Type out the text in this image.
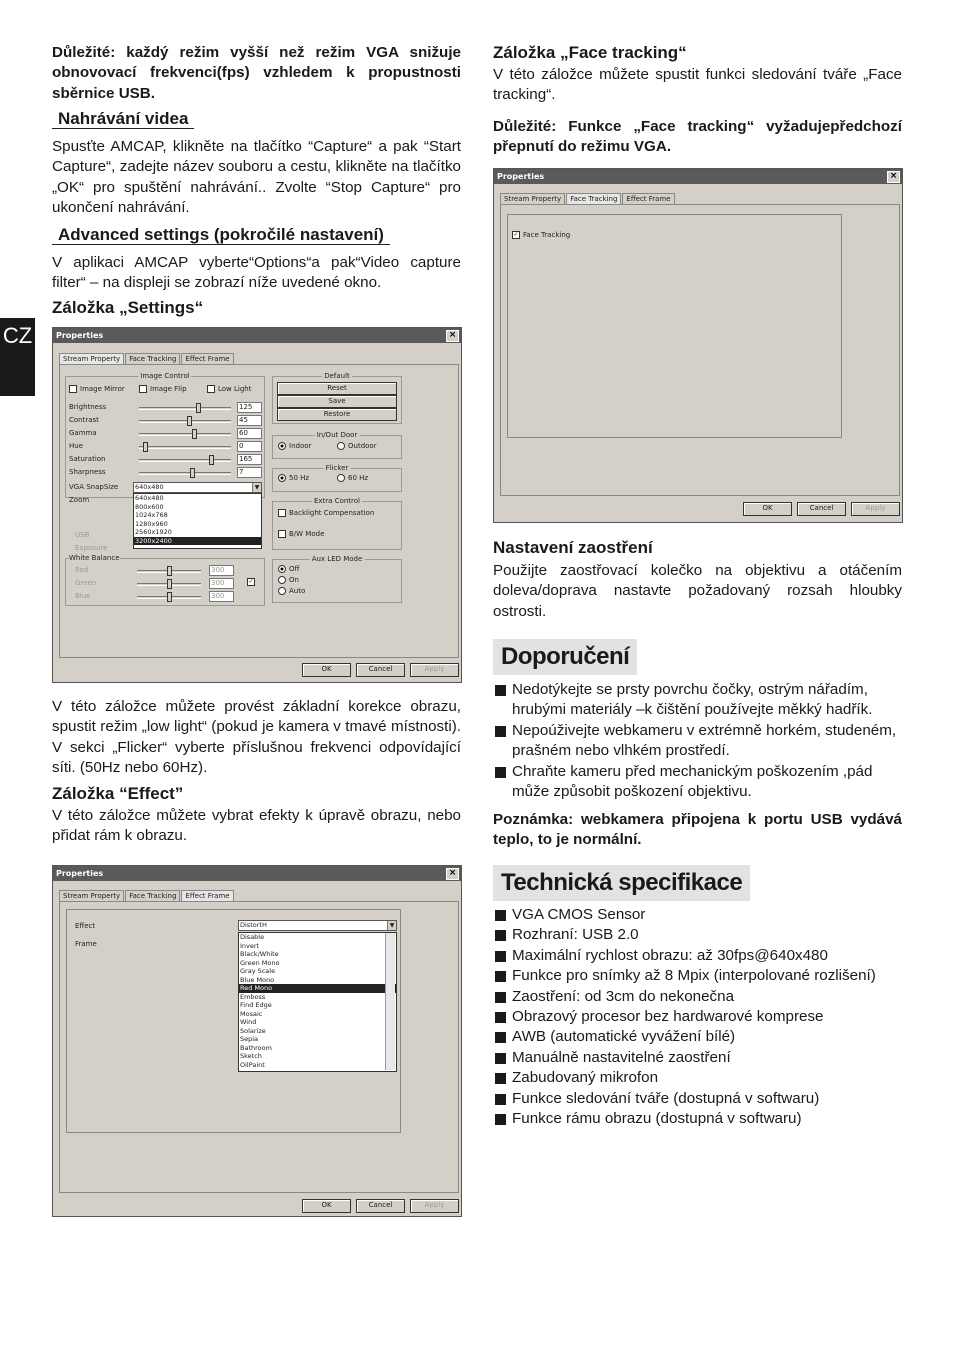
CZ

Důležité: každý režim vyšší než režim VGA snižuje obnovovací frekvenci(fps) vzhledem k propustnosti sběrnice USB.

Nahrávání videa

Spusťte AMCAP, klikněte na tlačítko “Capture“ a pak “Start Capture“, zadejte název souboru a cestu, klikněte na tlačítko „OK“ pro spuštění nahrávání.. Zvolte “Stop Capture“ pro ukončení nahrávání.

Advanced settings (pokročilé nastavení)

V aplikaci AMCAP vyberte“Options“a pak“Video capture filter“ – na displeji se zobrazí níže uvedené okno.

Záložka „Settings“
Properties	×
Stream Property Face Tracking Effect Frame
Image Control
Image Mirror	Image Flip	Low Light
Brightness	125
Contrast	45
Gamma	60
Hue	0
Saturation	165
Sharpness	7
VGA SnapSize	640x480	▼
Zoom	640x480
800x600
1024x768
1280x960
2560x1920
3200x2400
USB
Exposure
White Balance
Red	300
Green	300
Blue	300
✓
Default
Reset
Save
Restore
In/Out Door
Indoor	Outdoor
Flicker
50 Hz	60 Hz
Extra Control
Backlight Compensation
B/W Mode
Aux LED Mode
Off
On
Auto
OK	Cancel	Apply

V této záložce můžete provést základní korekce obrazu, spustit režim „low light“ (pokud je kamera v tmavé místnosti). V sekci „Flicker“ vyberte příslušnou frekvenci odpovídající síti. (50Hz nebo 60Hz).

Záložka “Effect”

V této záložce můžete vybrat efekty k úpravě obrazu, nebo přidat rám k obrazu.

Properties	×
Stream Property Face Tracking Effect Frame
Effect
Frame
DistortH	▼
Disable
Invert
Black/White
Green Mono
Gray Scale
Blue Mono
Red Mono
Emboss
Find Edge
Mosaic
Wind
Solarize
Sepia
Bathroom
Sketch
OilPaint
OK	Cancel	Apply
Záložka „Face tracking“

V této záložce můžete spustit funkci sledování tváře „Face tracking“.

Důležité: Funkce „Face tracking“ vyžadujepředchozí přepnutí do režimu VGA.

Properties	×
Stream Property Face Tracking Effect Frame
✓ Face Tracking
OK	Cancel	Apply
Nastavení zaostření

Použijte zaostřovací kolečko na objektivu a otáčením doleva/doprava nastavte požadovaný rozsah hloubky ostrosti.

Doporučení
Nedotýkejte se prsty povrchu čočky, ostrým nářadím, hrubými materiály –k čištění používejte měkký hadřík.
Nepoúživejte webkameru v extrémně horkém, studeném, prašném nebo vlhkém prostředí.
Chraňte kameru před mechanickým poškozením ,pád může způsobit poškození objektivu.

Poznámka: webkamera připojena k portu USB vydává teplo, to je normální.

Technická specifikace
VGA CMOS Sensor
Rozhraní: USB 2.0
Maximální rychlost obrazu: až 30fps@640x480
Funkce pro snímky až 8 Mpix (interpolované rozlišení)
Zaostření: od 3cm do nekonečna
Obrazový procesor bez hardwarové komprese
AWB (automatické vyvážení bílé)
Manuálně nastavitelné zaostření
Zabudovaný mikrofon
Funkce sledování tváře (dostupná v softwaru)
Funkce rámu obrazu (dostupná v softwaru)
